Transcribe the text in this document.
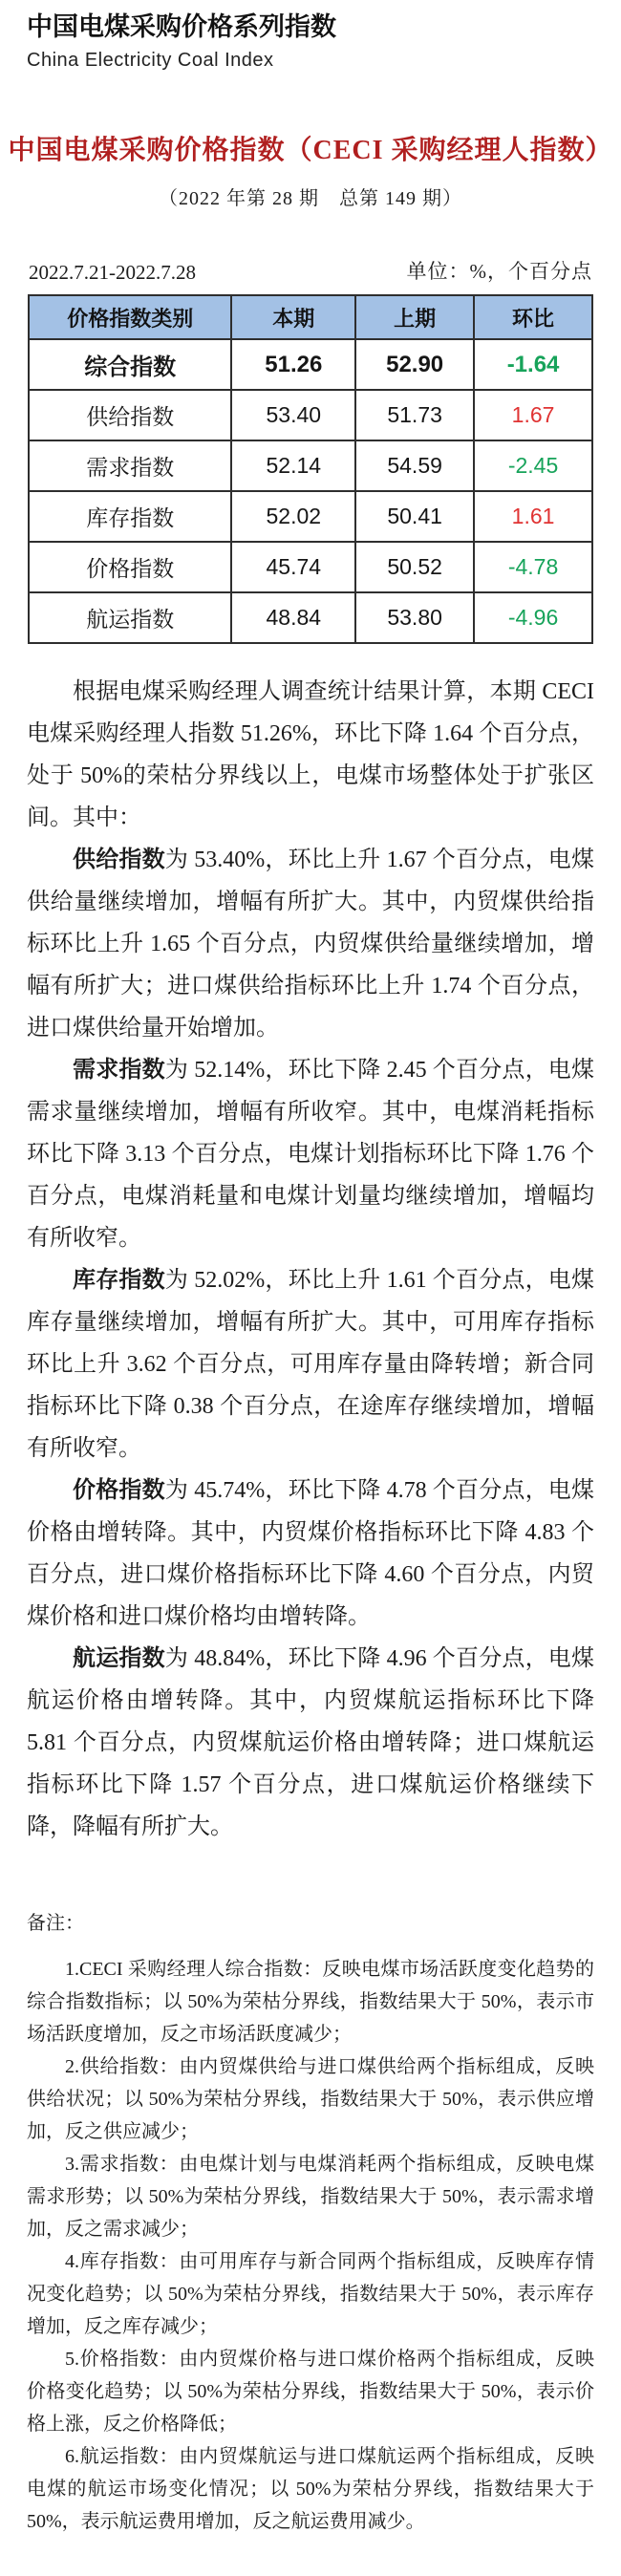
中国电煤采购价格系列指数
China Electricity Coal Index
中国电煤采购价格指数（CECI 采购经理人指数）
（2022 年第 28 期　总第 149 期）
2022.7.21-2022.7.28	单位：%，个百分点
价格指数类别	本期	上期	环比
综合指数	51.26	52.90	-1.64
供给指数	53.40	51.73	1.67
需求指数	52.14	54.59	-2.45
库存指数	52.02	50.41	1.61
价格指数	45.74	50.52	-4.78
航运指数	48.84	53.80	-4.96

根据电煤采购经理人调查统计结果计算，本期 CECI 电煤采购经理人指数 51.26%，环比下降 1.64 个百分点，处于 50%的荣枯分界线以上，电煤市场整体处于扩张区间。其中：

供给指数为 53.40%，环比上升 1.67 个百分点，电煤供给量继续增加，增幅有所扩大。其中，内贸煤供给指标环比上升 1.65 个百分点，内贸煤供给量继续增加，增幅有所扩大；进口煤供给指标环比上升 1.74 个百分点，进口煤供给量开始增加。

需求指数为 52.14%，环比下降 2.45 个百分点，电煤需求量继续增加，增幅有所收窄。其中，电煤消耗指标环比下降 3.13 个百分点，电煤计划指标环比下降 1.76 个百分点，电煤消耗量和电煤计划量均继续增加，增幅均有所收窄。

库存指数为 52.02%，环比上升 1.61 个百分点，电煤库存量继续增加，增幅有所扩大。其中，可用库存指标环比上升 3.62 个百分点，可用库存量由降转增；新合同指标环比下降 0.38 个百分点，在途库存继续增加，增幅有所收窄。

价格指数为 45.74%，环比下降 4.78 个百分点，电煤价格由增转降。其中，内贸煤价格指标环比下降 4.83 个百分点，进口煤价格指标环比下降 4.60 个百分点，内贸煤价格和进口煤价格均由增转降。

航运指数为 48.84%，环比下降 4.96 个百分点，电煤航运价格由增转降。其中，内贸煤航运指标环比下降 5.81 个百分点，内贸煤航运价格由增转降；进口煤航运指标环比下降 1.57 个百分点，进口煤航运价格继续下降，降幅有所扩大。

备注：
1.CECI 采购经理人综合指数：反映电煤市场活跃度变化趋势的综合指数指标；以 50%为荣枯分界线，指数结果大于 50%，表示市场活跃度增加，反之市场活跃度减少；
2.供给指数：由内贸煤供给与进口煤供给两个指标组成，反映供给状况；以 50%为荣枯分界线，指数结果大于 50%，表示供应增加，反之供应减少；
3.需求指数：由电煤计划与电煤消耗两个指标组成，反映电煤需求形势；以 50%为荣枯分界线，指数结果大于 50%，表示需求增加，反之需求减少；
4.库存指数：由可用库存与新合同两个指标组成，反映库存情况变化趋势；以 50%为荣枯分界线，指数结果大于 50%，表示库存增加，反之库存减少；
5.价格指数：由内贸煤价格与进口煤价格两个指标组成，反映价格变化趋势；以 50%为荣枯分界线，指数结果大于 50%，表示价格上涨，反之价格降低；
6.航运指数：由内贸煤航运与进口煤航运两个指标组成，反映电煤的航运市场变化情况；以 50%为荣枯分界线，指数结果大于 50%，表示航运费用增加，反之航运费用减少。
